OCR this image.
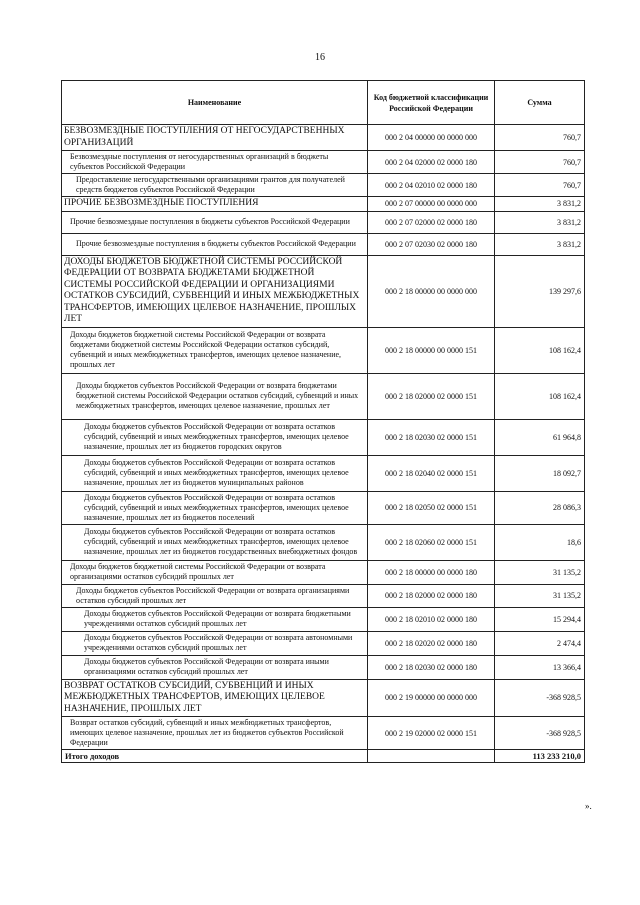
16
Наименование	Код бюджетной классификации Российской Федерации	Сумма
БЕЗВОЗМЕЗДНЫЕ ПОСТУПЛЕНИЯ ОТ НЕГОСУДАРСТВЕННЫХ ОРГАНИЗАЦИЙ	000 2 04 00000 00 0000 000	760,7
Безвозмездные поступления от негосударственных организаций в бюджеты субъектов Российской Федерации	000 2 04 02000 02 0000 180	760,7
Предоставление негосударственными организациями грантов для получателей средств бюджетов субъектов Российской Федерации	000 2 04 02010 02 0000 180	760,7
ПРОЧИЕ БЕЗВОЗМЕЗДНЫЕ ПОСТУПЛЕНИЯ	000 2 07 00000 00 0000 000	3 831,2
Прочие безвозмездные поступления в бюджеты субъектов Российской Федерации	000 2 07 02000 02 0000 180	3 831,2
Прочие безвозмездные поступления в бюджеты субъектов Российской Федерации	000 2 07 02030 02 0000 180	3 831,2
ДОХОДЫ БЮДЖЕТОВ БЮДЖЕТНОЙ СИСТЕМЫ РОССИЙСКОЙ ФЕДЕРАЦИИ ОТ ВОЗВРАТА БЮДЖЕТАМИ БЮДЖЕТНОЙ СИСТЕМЫ РОССИЙСКОЙ ФЕДЕРАЦИИ И ОРГАНИЗАЦИЯМИ ОСТАТКОВ СУБСИДИЙ, СУБВЕНЦИЙ И ИНЫХ МЕЖБЮДЖЕТНЫХ ТРАНСФЕРТОВ, ИМЕЮЩИХ ЦЕЛЕВОЕ НАЗНАЧЕНИЕ, ПРОШЛЫХ ЛЕТ	000 2 18 00000 00 0000 000	139 297,6
Доходы бюджетов бюджетной системы Российской Федерации от возврата бюджетами бюджетной системы Российской Федерации остатков субсидий, субвенций и иных межбюджетных трансфертов, имеющих целевое назначение, прошлых лет	000 2 18 00000 00 0000 151	108 162,4
Доходы бюджетов субъектов Российской Федерации от возврата бюджетами бюджетной системы Российской Федерации остатков субсидий, субвенций и иных межбюджетных трансфертов, имеющих целевое назначение, прошлых лет	000 2 18 02000 02 0000 151	108 162,4
Доходы бюджетов субъектов Российской Федерации от возврата остатков субсидий, субвенций и иных межбюджетных трансфертов, имеющих целевое назначение, прошлых лет из бюджетов городских округов	000 2 18 02030 02 0000 151	61 964,8
Доходы бюджетов субъектов Российской Федерации от возврата остатков субсидий, субвенций и иных межбюджетных трансфертов, имеющих целевое назначение, прошлых лет из бюджетов муниципальных районов	000 2 18 02040 02 0000 151	18 092,7
Доходы бюджетов субъектов Российской Федерации от возврата остатков субсидий, субвенций и иных межбюджетных трансфертов, имеющих целевое назначение, прошлых лет из бюджетов поселений	000 2 18 02050 02 0000 151	28 086,3
Доходы бюджетов субъектов Российской Федерации от возврата остатков субсидий, субвенций и иных межбюджетных трансфертов, имеющих целевое назначение, прошлых лет из бюджетов государственных внебюджетных фондов	000 2 18 02060 02 0000 151	18,6
Доходы бюджетов бюджетной системы Российской Федерации от возврата организациями остатков субсидий прошлых лет	000 2 18 00000 00 0000 180	31 135,2
Доходы бюджетов субъектов Российской Федерации от возврата организациями остатков субсидий прошлых лет	000 2 18 02000 02 0000 180	31 135,2
Доходы бюджетов субъектов Российской Федерации от возврата бюджетными учреждениями остатков субсидий прошлых лет	000 2 18 02010 02 0000 180	15 294,4
Доходы бюджетов субъектов Российской Федерации от возврата автономными учреждениями остатков субсидий прошлых лет	000 2 18 02020 02 0000 180	2 474,4
Доходы бюджетов субъектов Российской Федерации от возврата иными организациями остатков субсидий прошлых лет	000 2 18 02030 02 0000 180	13 366,4
ВОЗВРАТ ОСТАТКОВ СУБСИДИЙ, СУБВЕНЦИЙ И ИНЫХ МЕЖБЮДЖЕТНЫХ ТРАНСФЕРТОВ, ИМЕЮЩИХ ЦЕЛЕВОЕ НАЗНАЧЕНИЕ, ПРОШЛЫХ ЛЕТ	000 2 19 00000 00 0000 000	-368 928,5
Возврат остатков субсидий, субвенций и иных межбюджетных трансфертов, имеющих целевое назначение, прошлых лет из бюджетов субъектов Российской Федерации	000 2 19 02000 02 0000 151	-368 928,5
Итого доходов		113 233 210,0
».
